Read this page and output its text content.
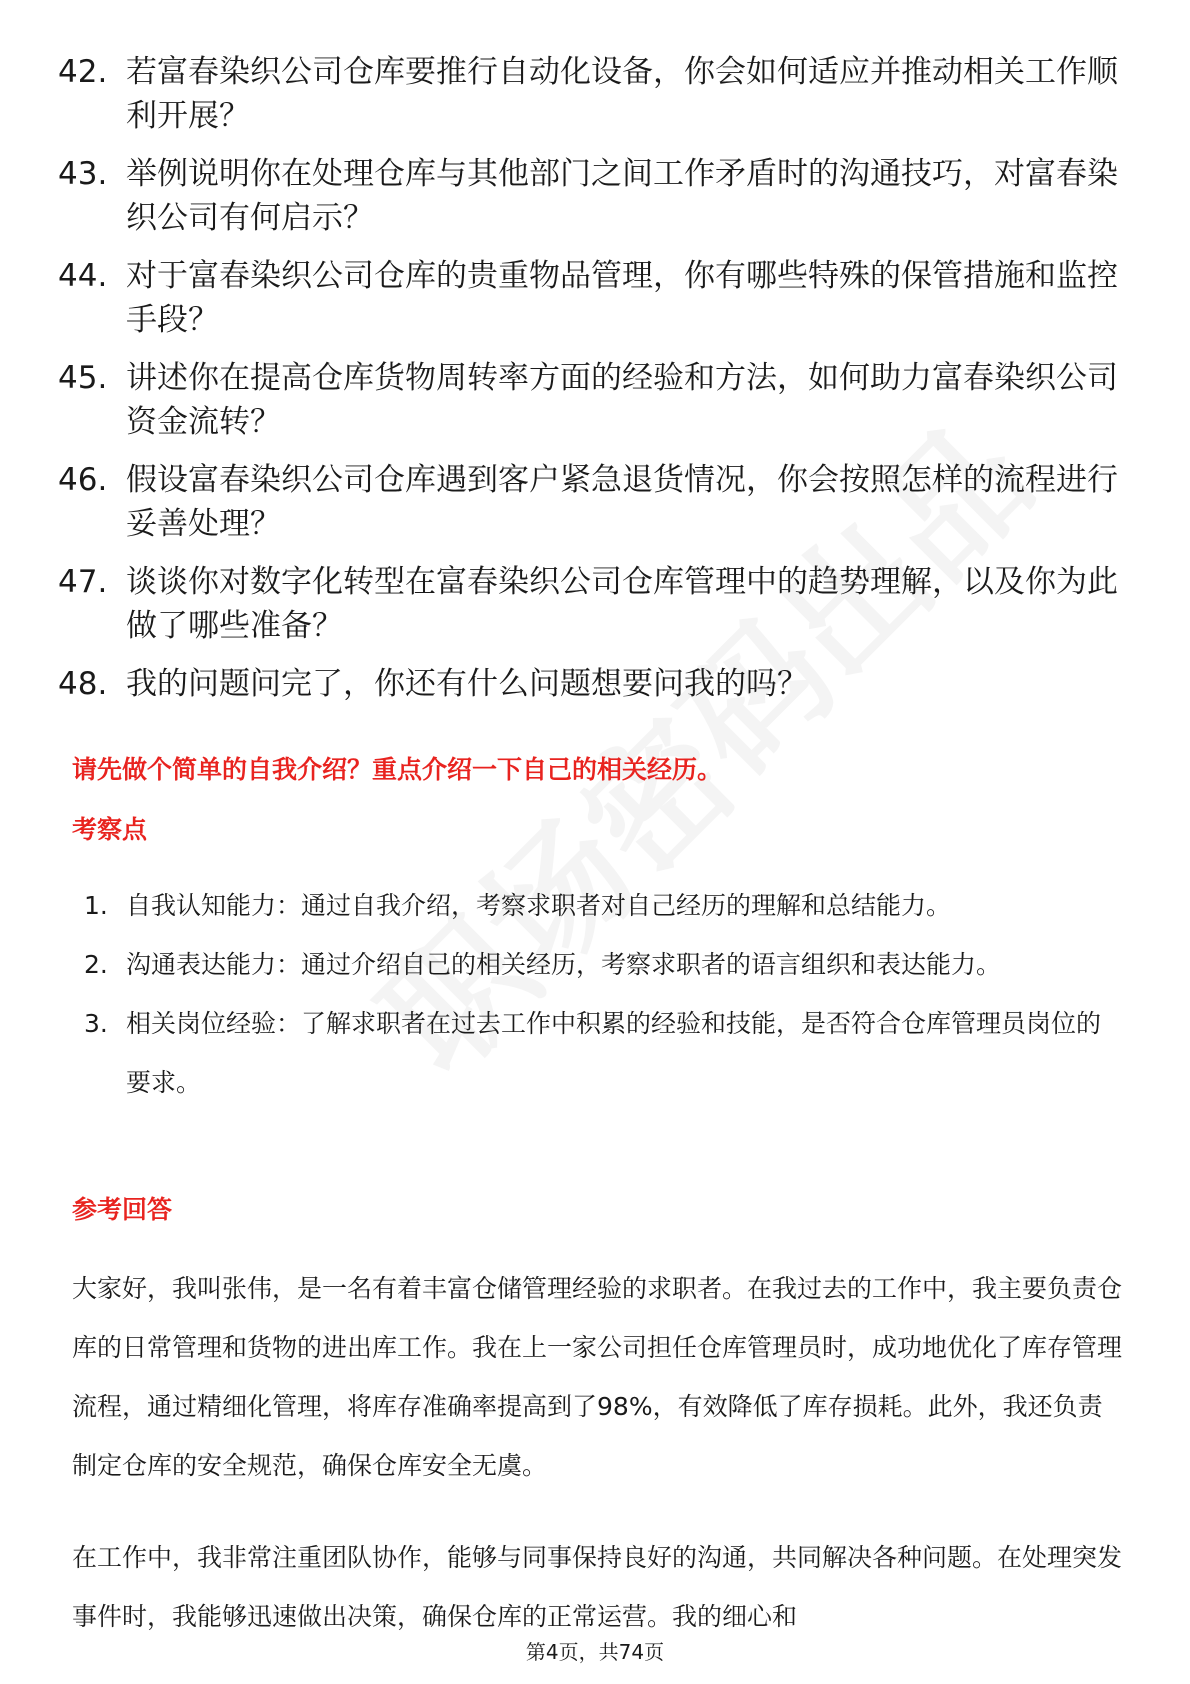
42. 若富春染织公司仓库要推行自动化设备，你会如何适应并推动相关工作顺利开展？
43. 举例说明你在处理仓库与其他部门之间工作矛盾时的沟通技巧，对富春染织公司有何启示？
44. 对于富春染织公司仓库的贵重物品管理，你有哪些特殊的保管措施和监控手段？
45. 讲述你在提高仓库货物周转率方面的经验和方法，如何助力富春染织公司资金流转？
46. 假设富春染织公司仓库遇到客户紧急退货情况，你会按照怎样的流程进行妥善处理？
47. 谈谈你对数字化转型在富春染织公司仓库管理中的趋势理解，以及你为此做了哪些准备？
48. 我的问题问完了，你还有什么问题想要问我的吗？
请先做个简单的自我介绍？重点介绍一下自己的相关经历。
考察点
1. 自我认知能力：通过自我介绍，考察求职者对自己经历的理解和总结能力。
2. 沟通表达能力：通过介绍自己的相关经历，考察求职者的语言组织和表达能力。
3. 相关岗位经验：了解求职者在过去工作中积累的经验和技能，是否符合仓库管理员岗位的要求。
参考回答

大家好，我叫张伟，是一名有着丰富仓储管理经验的求职者。在我过去的工作中，我主要负责仓库的日常管理和货物的进出库工作。我在上一家公司担任仓库管理员时，成功地优化了库存管理流程，通过精细化管理，将库存准确率提高到了98%，有效降低了库存损耗。此外，我还负责制定仓库的安全规范，确保仓库安全无虞。

在工作中，我非常注重团队协作，能够与同事保持良好的沟通，共同解决各种问题。在处理突发事件时，我能够迅速做出决策，确保仓库的正常运营。我的细心和

第4页，共74页
